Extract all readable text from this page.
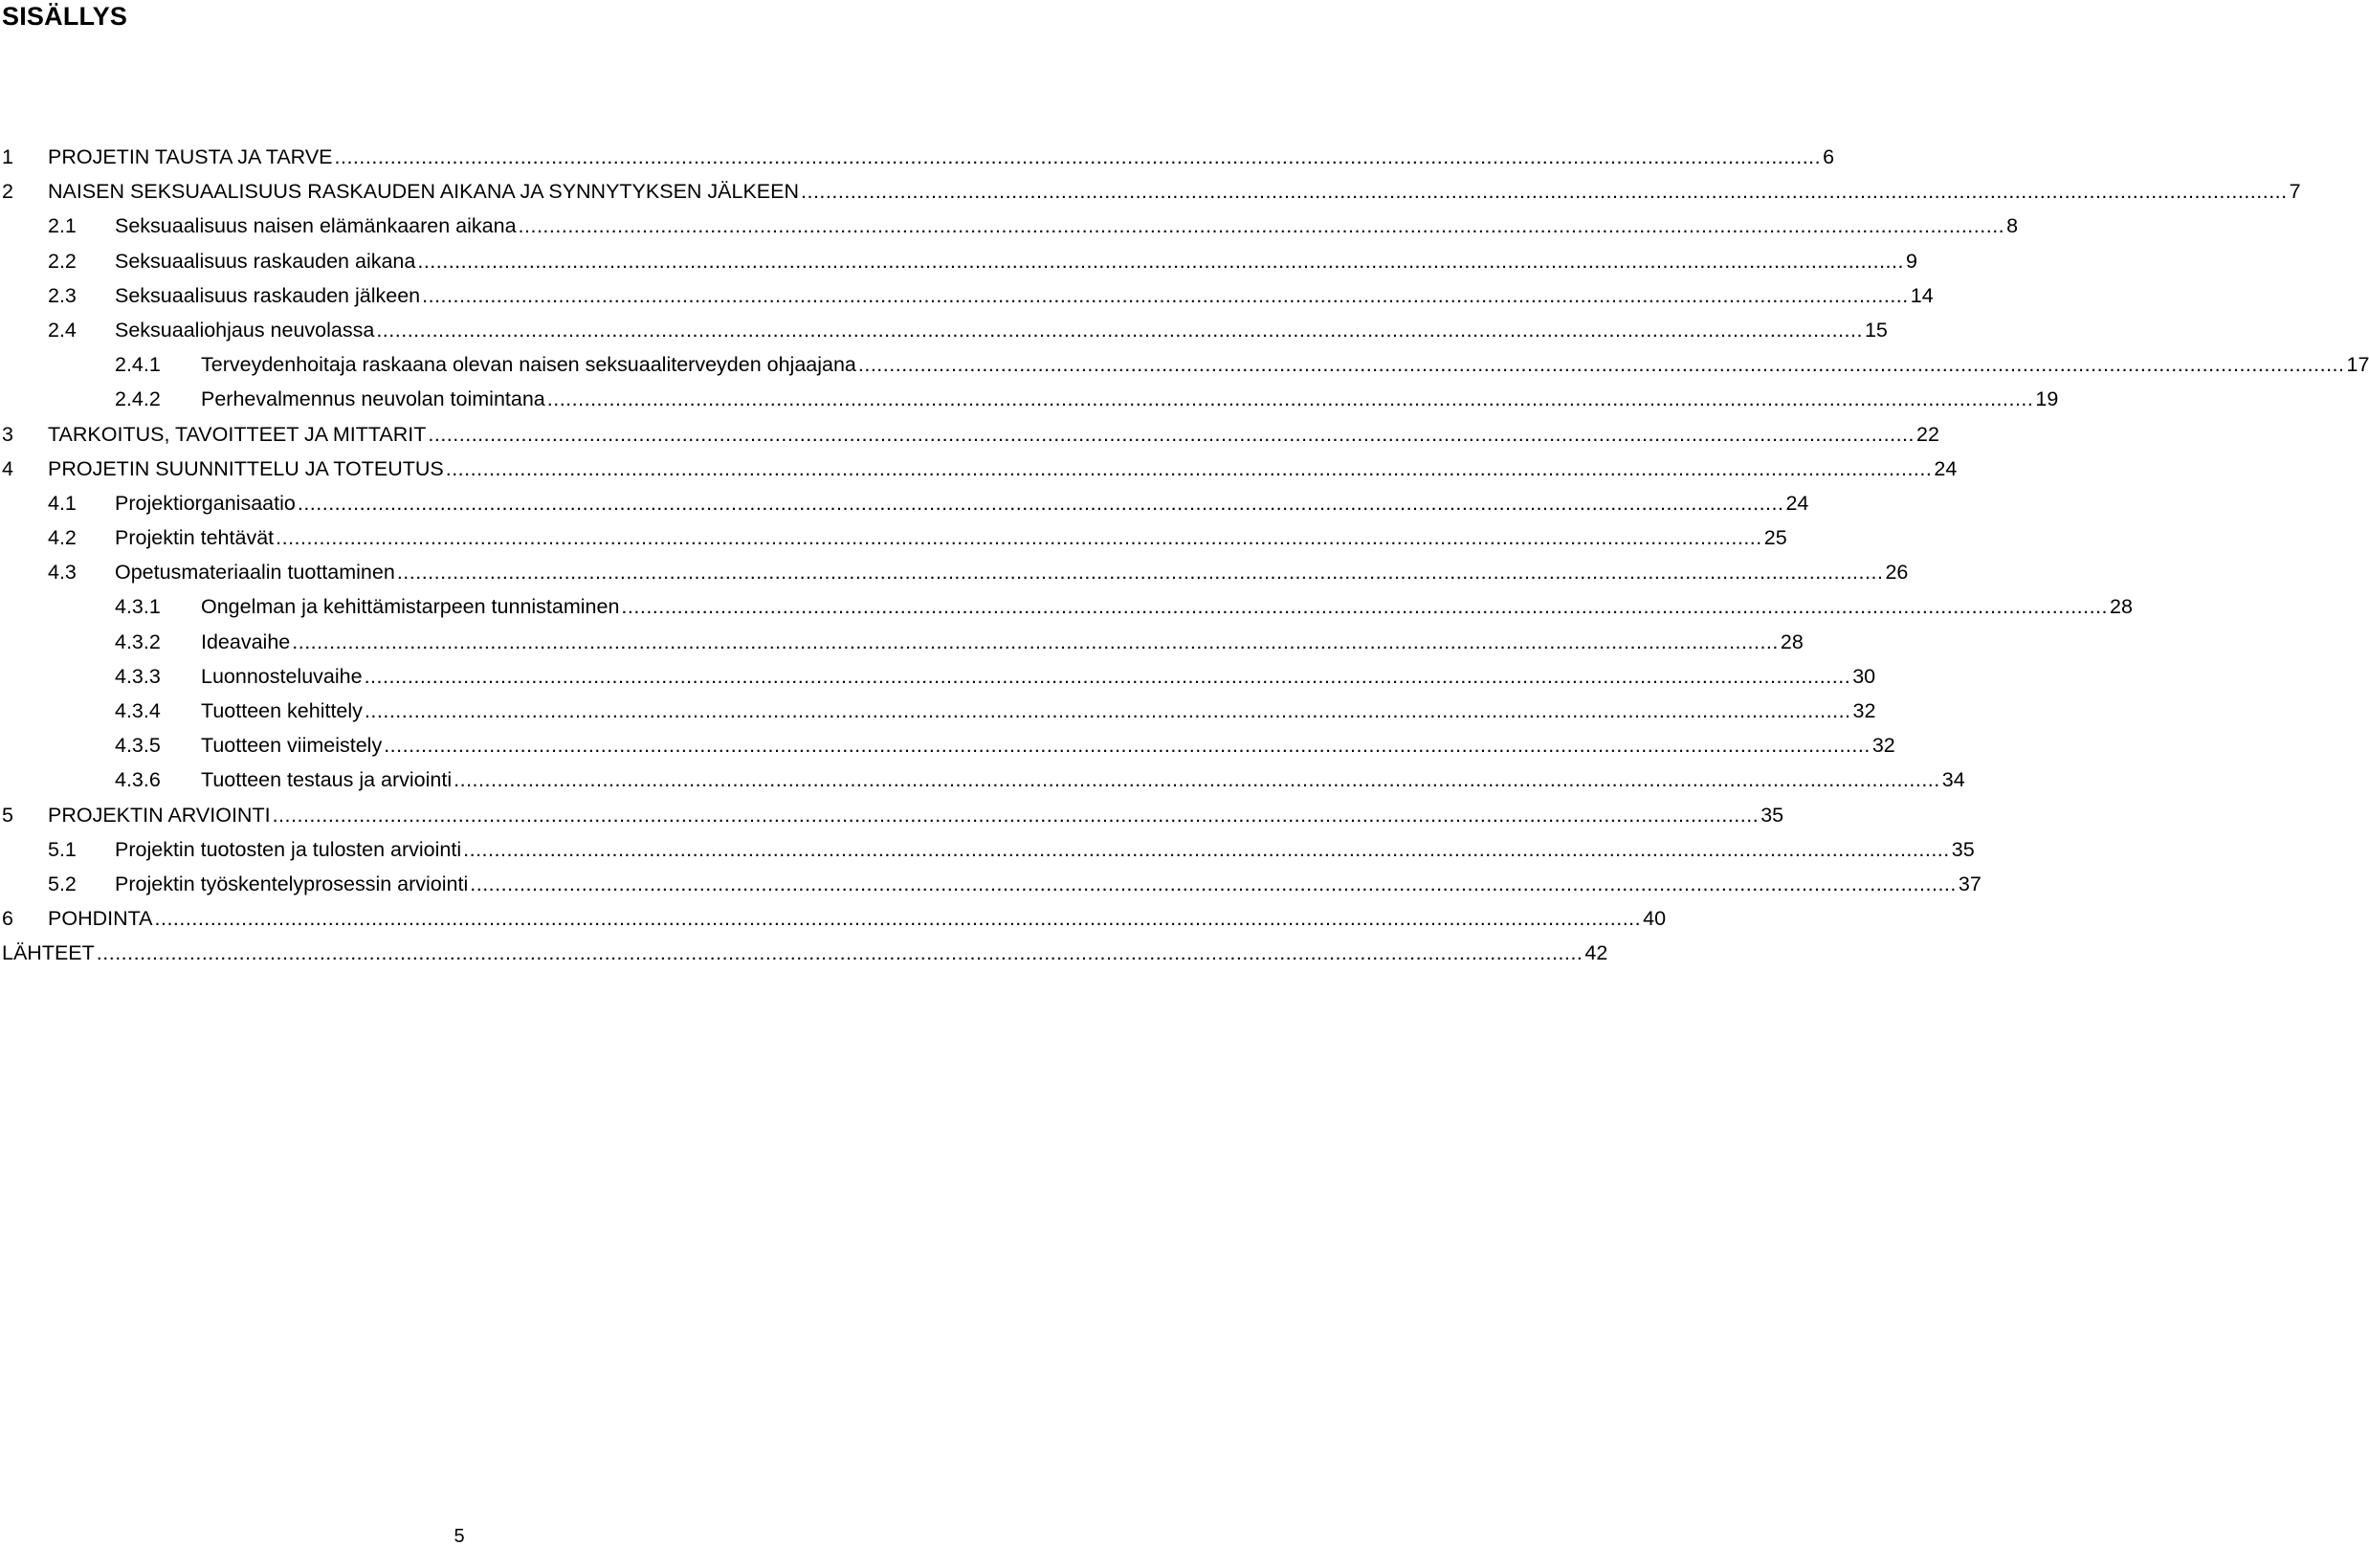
SISÄLLYS
1 PROJETIN TAUSTA JA TARVE ................................................................................................................................................................................................................................................ 6
2 NAISEN SEKSUAALISUUS RASKAUDEN AIKANA JA SYNNYTYKSEN JÄLKEEN ................................................................................................................................................................................................................................................ 7
2.1 Seksuaalisuus naisen elämänkaaren aikana ................................................................................................................................................................................................................................................ 8
2.2 Seksuaalisuus raskauden aikana ................................................................................................................................................................................................................................................ 9
2.3 Seksuaalisuus raskauden jälkeen ................................................................................................................................................................................................................................................ 14
2.4 Seksuaaliohjaus neuvolassa ................................................................................................................................................................................................................................................ 15
2.4.1 Terveydenhoitaja raskaana olevan naisen seksuaaliterveyden ohjaajana ................................................................................................................................................................................................................................................ 17
2.4.2 Perhevalmennus neuvolan toimintana ................................................................................................................................................................................................................................................ 19
3 TARKOITUS, TAVOITTEET JA MITTARIT ................................................................................................................................................................................................................................................ 22
4 PROJETIN SUUNNITTELU JA TOTEUTUS ................................................................................................................................................................................................................................................ 24
4.1 Projektiorganisaatio ................................................................................................................................................................................................................................................ 24
4.2 Projektin tehtävät ................................................................................................................................................................................................................................................ 25
4.3 Opetusmateriaalin tuottaminen ................................................................................................................................................................................................................................................ 26
4.3.1 Ongelman ja kehittämistarpeen tunnistaminen ................................................................................................................................................................................................................................................ 28
4.3.2 Ideavaihe ................................................................................................................................................................................................................................................ 28
4.3.3 Luonnosteluvaihe ................................................................................................................................................................................................................................................ 30
4.3.4 Tuotteen kehittely ................................................................................................................................................................................................................................................ 32
4.3.5 Tuotteen viimeistely ................................................................................................................................................................................................................................................ 32
4.3.6 Tuotteen testaus ja arviointi ................................................................................................................................................................................................................................................ 34
5 PROJEKTIN ARVIOINTI ................................................................................................................................................................................................................................................ 35
5.1 Projektin tuotosten ja tulosten arviointi ................................................................................................................................................................................................................................................ 35
5.2 Projektin työskentelyprosessin arviointi ................................................................................................................................................................................................................................................ 37
6 POHDINTA ................................................................................................................................................................................................................................................ 40
LÄHTEET ................................................................................................................................................................................................................................................ 42
5
